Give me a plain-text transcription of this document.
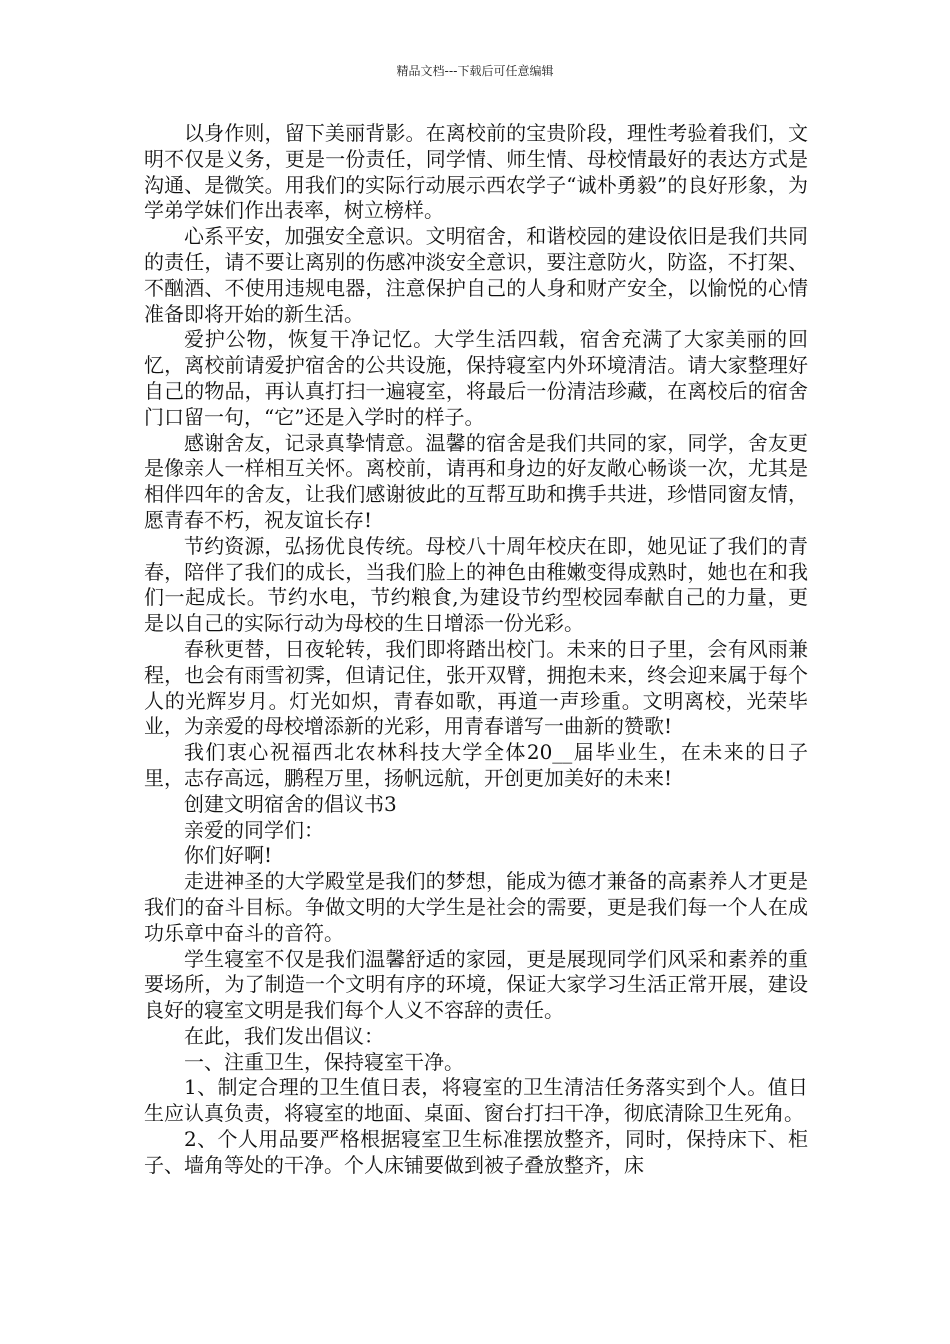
精品文档---下载后可任意编辑

以身作则，留下美丽背影。在离校前的宝贵阶段，理性考验着我们，文明不仅是义务，更是一份责任，同学情、师生情、母校情最好的表达方式是沟通、是微笑。用我们的实际行动展示西农学子“诚朴勇毅”的良好形象，为学弟学妹们作出表率，树立榜样。

心系平安，加强安全意识。文明宿舍，和谐校园的建设依旧是我们共同的责任，请不要让离别的伤感冲淡安全意识，要注意防火，防盗，不打架、不酗酒、不使用违规电器，注意保护自己的人身和财产安全，以愉悦的心情准备即将开始的新生活。

爱护公物，恢复干净记忆。大学生活四载，宿舍充满了大家美丽的回忆，离校前请爱护宿舍的公共设施，保持寝室内外环境清洁。请大家整理好自己的物品，再认真打扫一遍寝室，将最后一份清洁珍藏，在离校后的宿舍门口留一句，“它”还是入学时的样子。

感谢舍友，记录真挚情意。温馨的宿舍是我们共同的家，同学，舍友更是像亲人一样相互关怀。离校前，请再和身边的好友敞心畅谈一次，尤其是相伴四年的舍友，让我们感谢彼此的互帮互助和携手共进，珍惜同窗友情，愿青春不朽，祝友谊长存!

节约资源，弘扬优良传统。母校八十周年校庆在即，她见证了我们的青春，陪伴了我们的成长，当我们脸上的神色由稚嫩变得成熟时，她也在和我们一起成长。节约水电，节约粮食,为建设节约型校园奉献自己的力量，更是以自己的实际行动为母校的生日增添一份光彩。

春秋更替，日夜轮转，我们即将踏出校门。未来的日子里，会有风雨兼程，也会有雨雪初霁，但请记住，张开双臂，拥抱未来，终会迎来属于每个人的光辉岁月。灯光如炽，青春如歌，再道一声珍重。文明离校，光荣毕业，为亲爱的母校增添新的光彩，用青春谱写一曲新的赞歌!

我们衷心祝福西北农林科技大学全体20__届毕业生，在未来的日子里，志存高远，鹏程万里，扬帆远航，开创更加美好的未来!

创建文明宿舍的倡议书3

亲爱的同学们：

你们好啊!

走进神圣的大学殿堂是我们的梦想，能成为德才兼备的高素养人才更是我们的奋斗目标。争做文明的大学生是社会的需要，更是我们每一个人在成功乐章中奋斗的音符。

学生寝室不仅是我们温馨舒适的家园，更是展现同学们风采和素养的重要场所，为了制造一个文明有序的环境，保证大家学习生活正常开展，建设良好的寝室文明是我们每个人义不容辞的责任。

在此，我们发出倡议：

一、注重卫生，保持寝室干净。

1、制定合理的卫生值日表，将寝室的卫生清洁任务落实到个人。值日生应认真负责，将寝室的地面、桌面、窗台打扫干净，彻底清除卫生死角。

2、个人用品要严格根据寝室卫生标准摆放整齐，同时，保持床下、柜子、墙角等处的干净。个人床铺要做到被子叠放整齐，床
